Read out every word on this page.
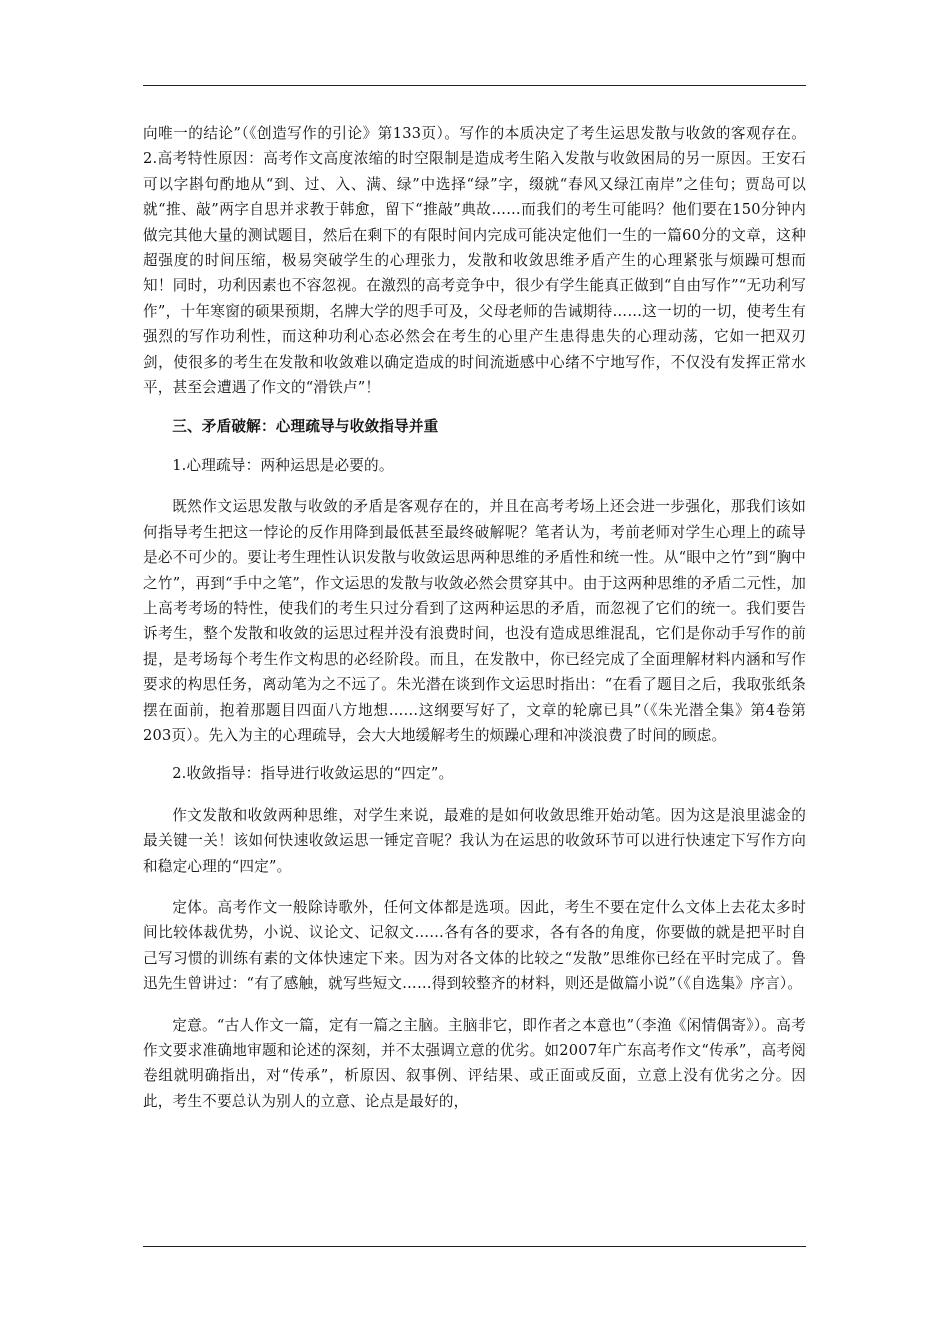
向唯一的结论”（《创造写作的引论》第133页）。写作的本质决定了考生运思发散与收敛的客观存在。2.高考特性原因：高考作文高度浓缩的时空限制是造成考生陷入发散与收敛困局的另一原因。王安石可以字斟句酌地从“到、过、入、满、绿”中选择“绿”字，缀就“春风又绿江南岸”之佳句；贾岛可以就“推、敲”两字自思并求教于韩愈，留下“推敲”典故……而我们的考生可能吗？他们要在150分钟内做完其他大量的测试题目，然后在剩下的有限时间内完成可能决定他们一生的一篇60分的文章，这种超强度的时间压缩，极易突破学生的心理张力，发散和收敛思维矛盾产生的心理紧张与烦躁可想而知！同时，功利因素也不容忽视。在激烈的高考竞争中，很少有学生能真正做到“自由写作”“无功利写作”，十年寒窗的硕果预期，名牌大学的咫手可及，父母老师的告诫期待……这一切的一切，使考生有强烈的写作功利性，而这种功利心态必然会在考生的心里产生患得患失的心理动荡，它如一把双刃剑，使很多的考生在发散和收敛难以确定造成的时间流逝感中心绪不宁地写作，不仅没有发挥正常水平，甚至会遭遇了作文的“滑铁卢”！

三、矛盾破解：心理疏导与收敛指导并重

1.心理疏导：两种运思是必要的。

既然作文运思发散与收敛的矛盾是客观存在的，并且在高考考场上还会进一步强化，那我们该如何指导考生把这一悖论的反作用降到最低甚至最终破解呢？笔者认为，考前老师对学生心理上的疏导是必不可少的。要让考生理性认识发散与收敛运思两种思维的矛盾性和统一性。从“眼中之竹”到“胸中之竹”，再到“手中之笔”，作文运思的发散与收敛必然会贯穿其中。由于这两种思维的矛盾二元性，加上高考考场的特性，使我们的考生只过分看到了这两种运思的矛盾，而忽视了它们的统一。我们要告诉考生，整个发散和收敛的运思过程并没有浪费时间，也没有造成思维混乱，它们是你动手写作的前提，是考场每个考生作文构思的必经阶段。而且，在发散中，你已经完成了全面理解材料内涵和写作要求的构思任务，离动笔为之不远了。朱光潜在谈到作文运思时指出：“在看了题目之后，我取张纸条摆在面前，抱着那题目四面八方地想……这纲要写好了，文章的轮廓已具”（《朱光潜全集》第4卷第203页）。先入为主的心理疏导，会大大地缓解考生的烦躁心理和冲淡浪费了时间的顾虑。

2.收敛指导：指导进行收敛运思的“四定”。

作文发散和收敛两种思维，对学生来说，最难的是如何收敛思维开始动笔。因为这是浪里滤金的最关键一关！该如何快速收敛运思一锤定音呢？我认为在运思的收敛环节可以进行快速定下写作方向和稳定心理的“四定”。

定体。高考作文一般除诗歌外，任何文体都是选项。因此，考生不要在定什么文体上去花太多时间比较体裁优势，小说、议论文、记叙文……各有各的要求，各有各的角度，你要做的就是把平时自己写习惯的训练有素的文体快速定下来。因为对各文体的比较之“发散”思维你已经在平时完成了。鲁迅先生曾讲过：“有了感触，就写些短文……得到较整齐的材料，则还是做篇小说”（《自选集》序言）。

定意。“古人作文一篇，定有一篇之主脑。主脑非它，即作者之本意也”（李渔《闲情偶寄》）。高考作文要求准确地审题和论述的深刻，并不太强调立意的优劣。如2007年广东高考作文“传承”，高考阅卷组就明确指出，对“传承”，析原因、叙事例、评结果、或正面或反面，立意上没有优劣之分。因此，考生不要总认为别人的立意、论点是最好的，
